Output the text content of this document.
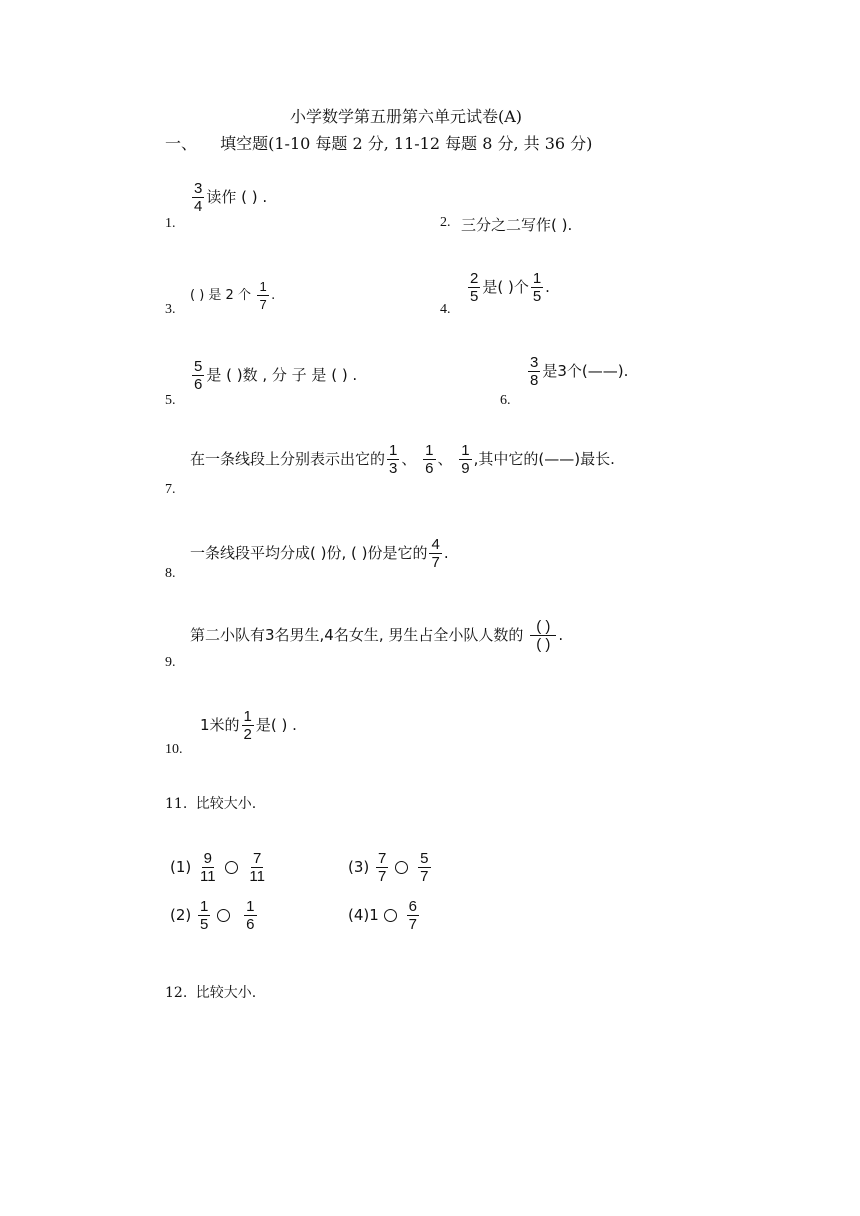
小学数学第五册第六单元试卷(A)
一、 填空题(1-10 每题 2 分, 11-12 每题 8 分, 共 36 分)
1.
$\frac{3}{4}$ 读作 ( ) .
2. 三分之二写作( ).
3.
( ) 是 2 个 $\frac{1}{7}$ .
4.
$\frac{2}{5}$ 是( )个 $\frac{1}{5}$ .
5.
$\frac{5}{6}$ 是 ( )数 , 分 子 是 ( ) .
6.
$\frac{3}{8}$ 是3个(——).
7.
在一条线段上分别表示出它的 $\frac{1}{3}$ 、 $\frac{1}{6}$ 、 $\frac{1}{9}$ ,其中它的(——)最长.
8.
一条线段平均分成( )份, ( )份是它的 $\frac{4}{7}$ .
9.
第二小队有3名男生,4名女生, 男生占全小队人数的 $\frac{( )}{( )}$ .
10.
1米的 $\frac{1}{2}$ 是( ) .
11. 比较大小.
$(1) \frac{9}{11}$
$\frac{7}{11}$	$(3) \frac{7}{7}$
$\frac{5}{7}$
$(2) \frac{1}{5}$
$\frac{1}{6}$	$(4)1 \frac{6}{7}$
12. 比较大小.
